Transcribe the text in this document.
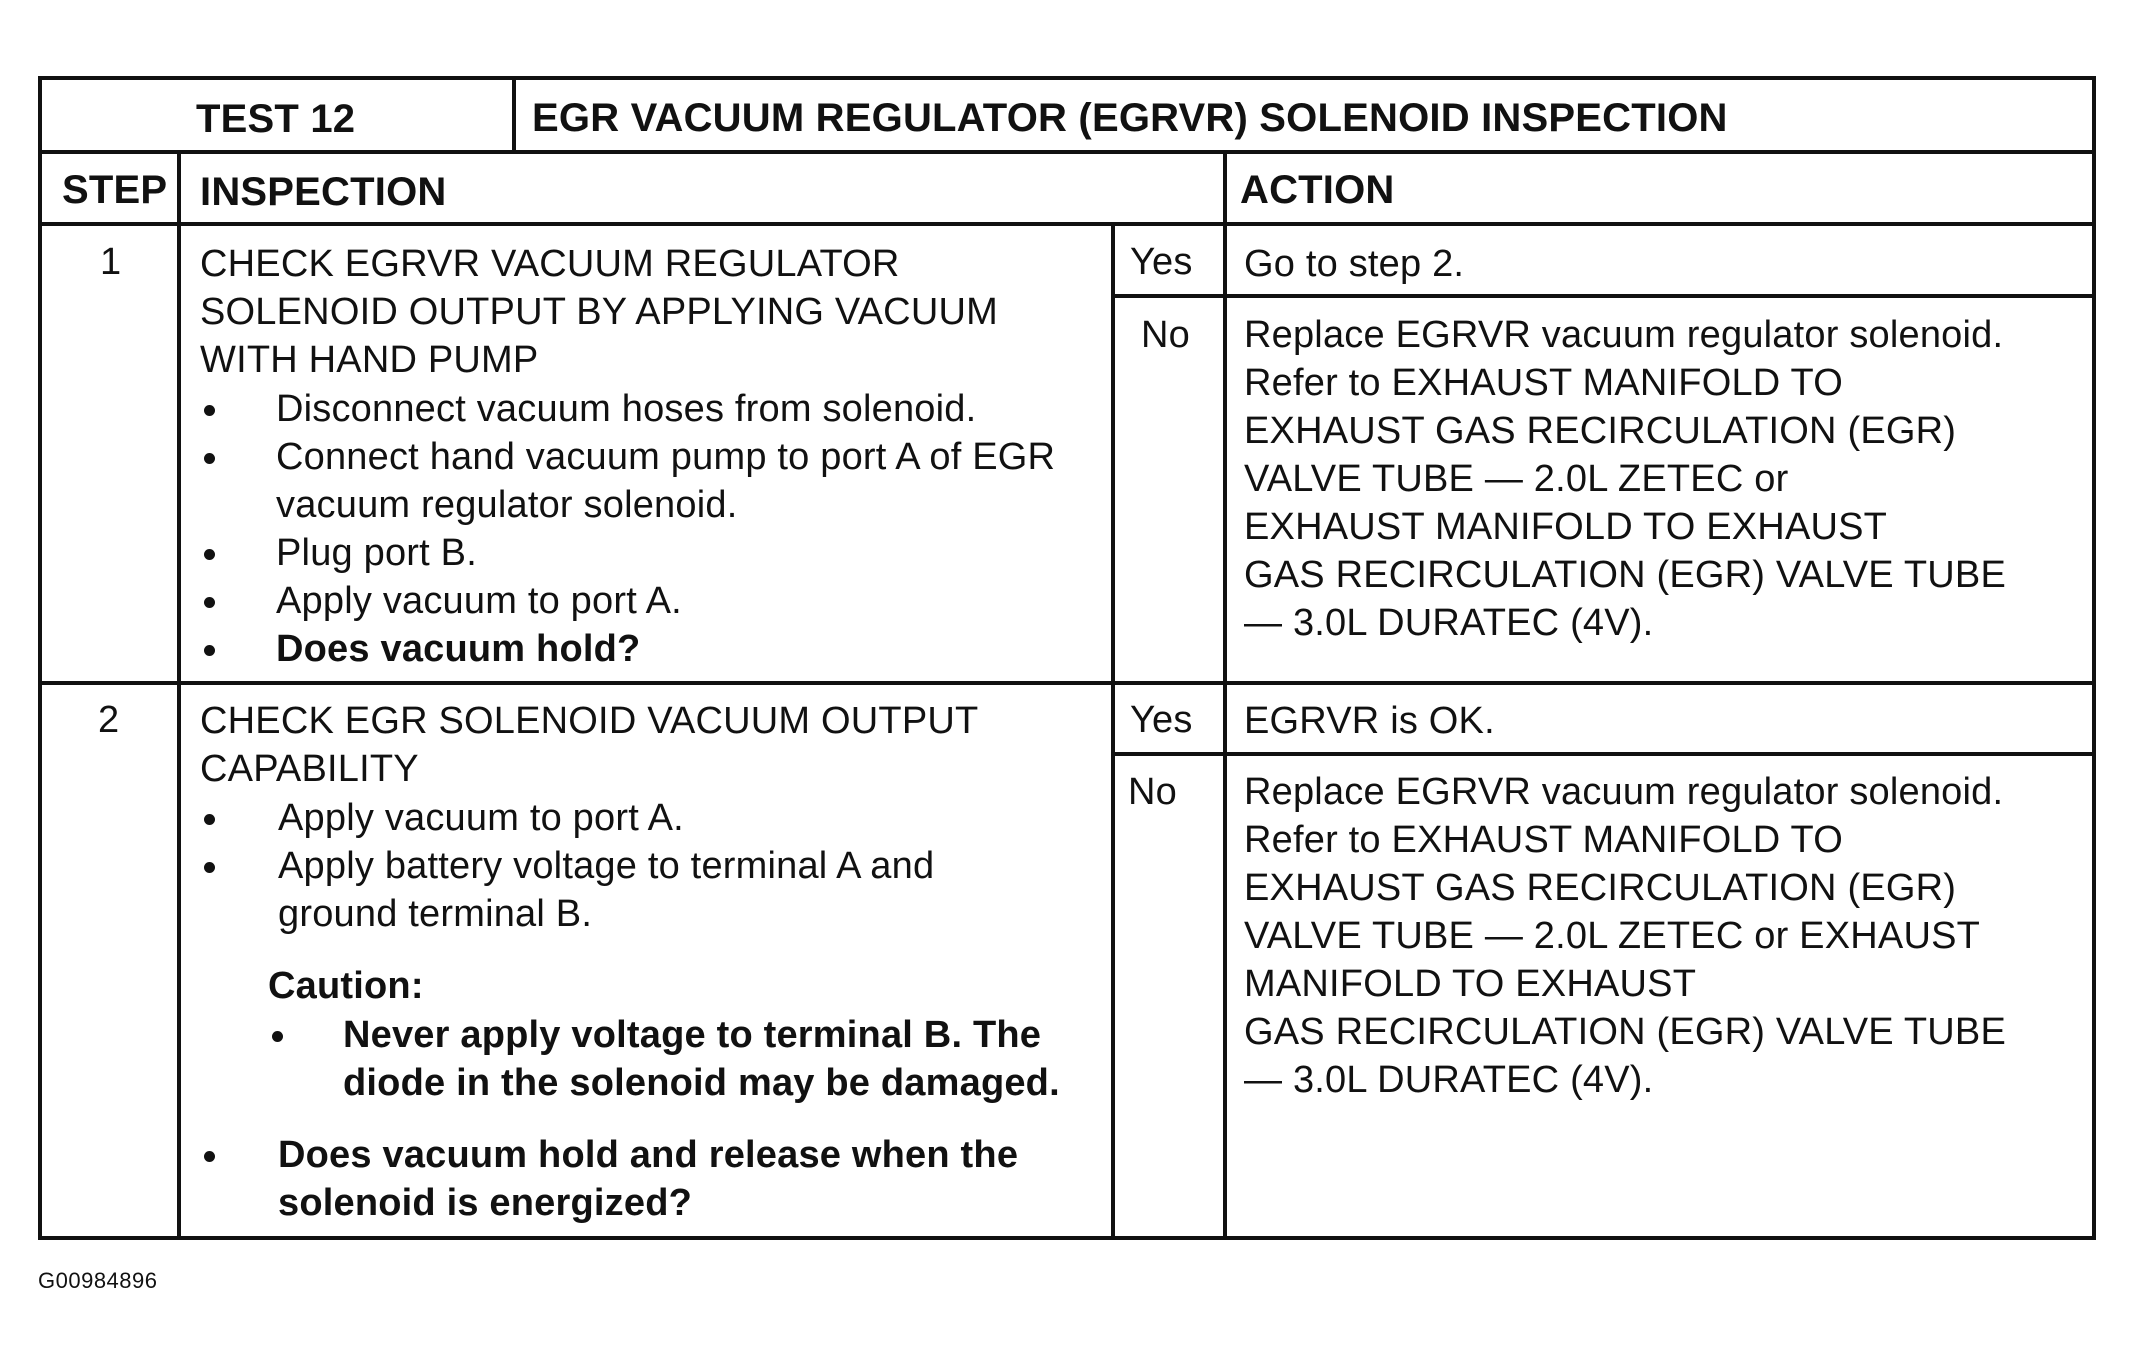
TEST 12	EGR VACUUM REGULATOR (EGRVR) SOLENOID INSPECTION
STEP INSPECTION	ACTION
1 CHECK EGRVR VACUUM REGULATOR
SOLENOID OUTPUT BY APPLYING VACUUM
WITH HAND PUMP
Disconnect vacuum hoses from solenoid.
Connect hand vacuum pump to port A of EGR
vacuum regulator solenoid.
Plug port B.
Apply vacuum to port A.
Does vacuum hold?
Yes Go to step 2.
No Replace EGRVR vacuum regulator solenoid.
Refer to EXHAUST MANIFOLD TO
EXHAUST GAS RECIRCULATION (EGR)
VALVE TUBE — 2.0L ZETEC or
EXHAUST MANIFOLD TO EXHAUST
GAS RECIRCULATION (EGR) VALVE TUBE
— 3.0L DURATEC (4V).
2 CHECK EGR SOLENOID VACUUM OUTPUT
CAPABILITY
Apply vacuum to port A.
Apply battery voltage to terminal A and
ground terminal B.
Caution:
Never apply voltage to terminal B. The
diode in the solenoid may be damaged.
Does vacuum hold and release when the
solenoid is energized?
Yes EGRVR is OK.
No Replace EGRVR vacuum regulator solenoid.
Refer to EXHAUST MANIFOLD TO
EXHAUST GAS RECIRCULATION (EGR)
VALVE TUBE — 2.0L ZETEC or EXHAUST
MANIFOLD TO EXHAUST
GAS RECIRCULATION (EGR) VALVE TUBE
— 3.0L DURATEC (4V).
G00984896
